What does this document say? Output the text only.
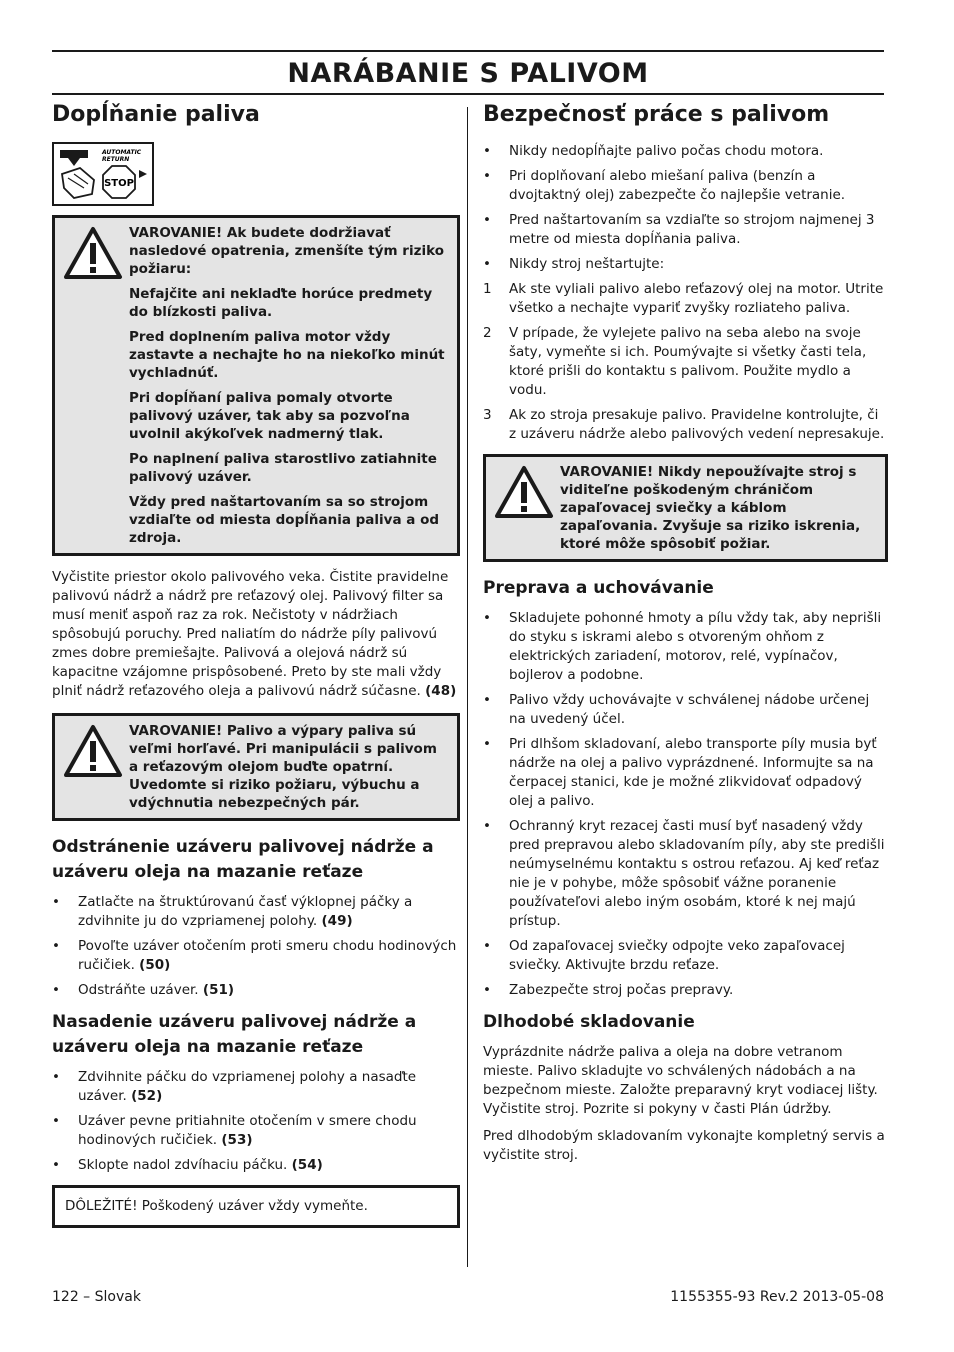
NARÁBANIE S PALIVOM
Dopĺňanie paliva
AUTOMATIC
RETURN
STOP

VAROVANIE! Ak budete dodržiavať nasledové opatrenia, zmenšíte tým riziko požiaru:

Nefajčite ani neklaďte horúce predmety do blízkosti paliva.

Pred doplnením paliva motor vždy zastavte a nechajte ho na niekoľko minút vychladnúť.

Pri dopĺňaní paliva pomaly otvorte palivový uzáver, tak aby sa pozvoľna uvolnil akýkoľvek nadmerný tlak.

Po naplnení paliva starostlivo zatiahnite palivový uzáver.

Vždy pred naštartovaním sa so strojom vzdiaľte od miesta dopĺňania paliva a od zdroja.

Vyčistite priestor okolo palivového veka. Čistite pravidelne palivovú nádrž a nádrž pre reťazový olej. Palivový filter sa musí meniť aspoň raz za rok. Nečistoty v nádržiach spôsobujú poruchy. Pred naliatím do nádrže píly palivovú zmes dobre premiešajte. Palivová a olejová nádrž sú kapacitne vzájomne prispôsobené. Preto by ste mali vždy plniť nádrž reťazového oleja a palivovú nádrž súčasne. (48)

VAROVANIE! Palivo a výpary paliva sú veľmi horľavé. Pri manipulácii s palivom a reťazovým olejom buďte opatrní. Uvedomte si riziko požiaru, výbuchu a vdýchnutia nebezpečných pár.

Odstránenie uzáveru palivovej nádrže a uzáveru oleja na mazanie reťaze
•	Zatlačte na štruktúrovanú časť výklopnej páčky a zdvihnite ju do vzpriamenej polohy. (49)
•	Povoľte uzáver otočením proti smeru chodu hodinových ručičiek. (50)
•	Odstráňte uzáver. (51)
Nasadenie uzáveru palivovej nádrže a uzáveru oleja na mazanie reťaze
•	Zdvihnite páčku do vzpriamenej polohy a nasaďte uzáver. (52)
•	Uzáver pevne pritiahnite otočením v smere chodu hodinových ručičiek. (53)
•	Sklopte nadol zdvíhaciu páčku. (54)
DÔLEŽITÉ! Poškodený uzáver vždy vymeňte.
Bezpečnosť práce s palivom
•	Nikdy nedopĺňajte palivo počas chodu motora.
•	Pri doplňovaní alebo miešaní paliva (benzín a dvojtaktný olej) zabezpečte čo najlepšie vetranie.
•	Pred naštartovaním sa vzdiaľte so strojom najmenej 3 metre od miesta dopĺňania paliva.
•	Nikdy stroj neštartujte:
1	Ak ste vyliali palivo alebo reťazový olej na motor. Utrite všetko a nechajte vypariť zvyšky rozliateho paliva.
2	V prípade, že vylejete palivo na seba alebo na svoje šaty, vymeňte si ich. Poumývajte si všetky časti tela, ktoré prišli do kontaktu s palivom. Použite mydlo a vodu.
3	Ak zo stroja presakuje palivo. Pravidelne kontrolujte, či z uzáveru nádrže alebo palivových vedení nepresakuje.

VAROVANIE! Nikdy nepoužívajte stroj s viditeľne poškodeným chráničom zapaľovacej sviečky a káblom zapaľovania. Zvyšuje sa riziko iskrenia, ktoré môže spôsobiť požiar.

Preprava a uchovávanie
•	Skladujete pohonné hmoty a pílu vždy tak, aby neprišli do styku s iskrami alebo s otvoreným ohňom z elektrických zariadení, motorov, relé, vypínačov, bojlerov a podobne.
•	Palivo vždy uchovávajte v schválenej nádobe určenej na uvedený účel.
•	Pri dlhšom skladovaní, alebo transporte píly musia byť nádrže na olej a palivo vyprázdnené. Informujte sa na čerpacej stanici, kde je možné zlikvidovať odpadový olej a palivo.
•	Ochranný kryt rezacej časti musí byť nasadený vždy pred prepravou alebo skladovaním píly, aby ste predišli neúmyselnému kontaktu s ostrou reťazou. Aj keď reťaz nie je v pohybe, môže spôsobiť vážne poranenie používateľovi alebo iným osobám, ktoré k nej majú prístup.
•	Od zapaľovacej sviečky odpojte veko zapaľovacej sviečky. Aktivujte brzdu reťaze.
•	Zabezpečte stroj počas prepravy.
Dlhodobé skladovanie

Vyprázdnite nádrže paliva a oleja na dobre vetranom mieste. Palivo skladujte vo schválených nádobách a na bezpečnom mieste. Založte preparavný kryt vodiacej lišty. Vyčistite stroj. Pozrite si pokyny v časti Plán údržby.

Pred dlhodobým skladovaním vykonajte kompletný servis a vyčistite stroj.

122 – Slovak	1155355-93 Rev.2 2013-05-08
